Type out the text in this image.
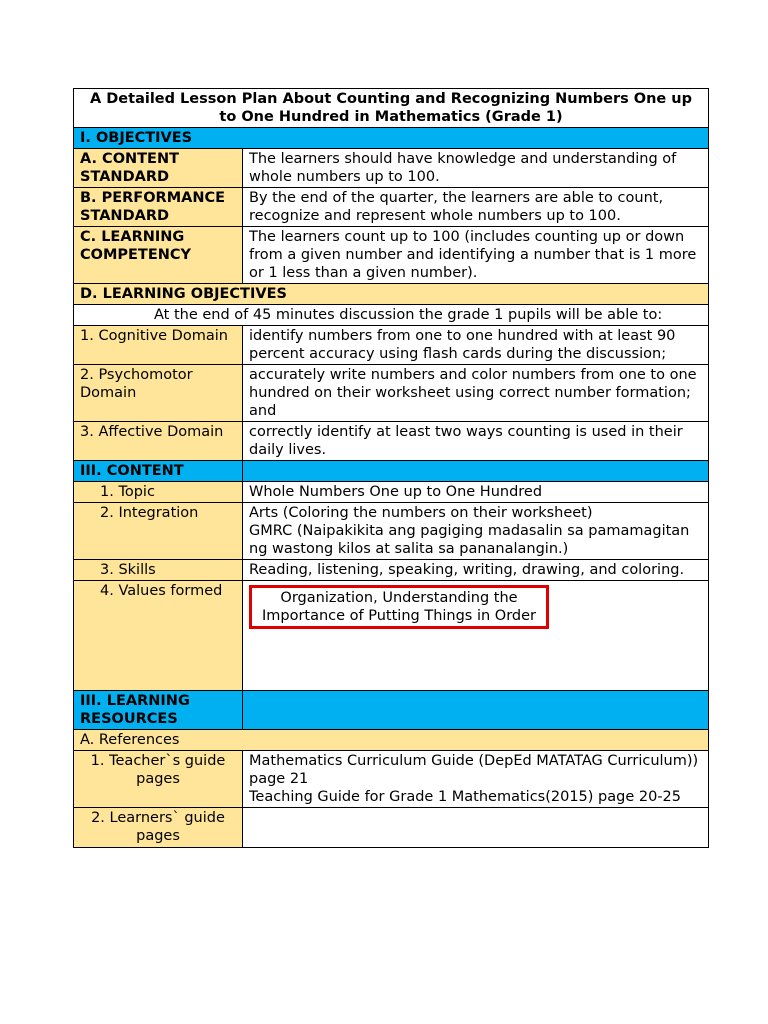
A Detailed Lesson Plan About Counting and Recognizing Numbers One up to One Hundred in Mathematics (Grade 1)	
I. OBJECTIVES	
A. CONTENT STANDARD	The learners should have knowledge and understanding of whole numbers up to 100.
B. PERFORMANCE STANDARD	By the end of the quarter, the learners are able to count, recognize and represent whole numbers up to 100.
C. LEARNING COMPETENCY	The learners count up to 100 (includes counting up or down from a given number and identifying a number that is 1 more or 1 less than a given number).
D. LEARNING OBJECTIVES	
At the end of 45 minutes discussion the grade 1 pupils will be able to:	
1. Cognitive Domain	identify numbers from one to one hundred with at least 90 percent accuracy using flash cards during the discussion;
2. Psychomotor Domain	accurately write numbers and color numbers from one to one hundred on their worksheet using correct number formation; and
3. Affective Domain	correctly identify at least two ways counting is used in their daily lives.
III. CONTENT	
1. Topic	Whole Numbers One up to One Hundred
2. Integration	Arts (Coloring the numbers on their worksheet)
GMRC (Naipakikita ang pagiging madasalin sa pamamagitan ng wastong kilos at salita sa pananalangin.)

3. Skills	Reading, listening, speaking, writing, drawing, and coloring.
4. Values formed	Organization, Understanding the Importance of Putting Things in Order

III. LEARNING RESOURCES	
A. References	
1. Teacher`s guide pages	Mathematics Curriculum Guide (DepEd MATATAG Curriculum)) page 21
Teaching Guide for Grade 1 Mathematics(2015) page 20-25

2. Learners` guide pages	
